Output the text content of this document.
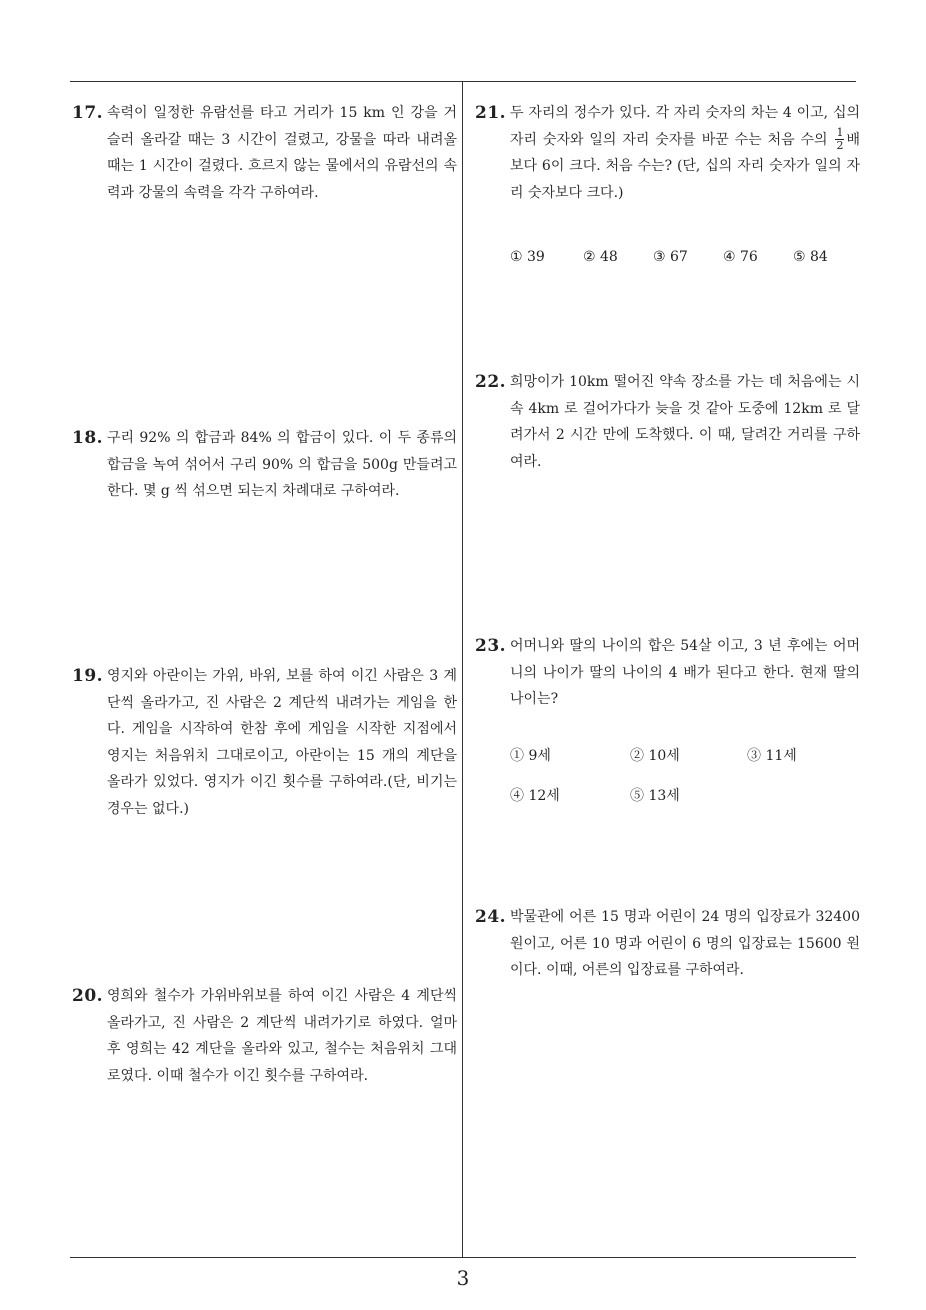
17. 속력이 일정한 유람선를 타고 거리가 15 km 인 강을 거슬러 올라갈 때는 3 시간이 걸렸고, 강물을 따라 내려올 때는 1 시간이 걸렸다. 흐르지 않는 물에서의 유람선의 속력과 강물의 속력을 각각 구하여라.
18. 구리 92% 의 합금과 84% 의 합금이 있다. 이 두 종류의 합금을 녹여 섞어서 구리 90% 의 합금을 500g 만들려고 한다. 몇 g 씩 섞으면 되는지 차례대로 구하여라.
19. 영지와 아란이는 가위, 바위, 보를 하여 이긴 사람은 3 계단씩 올라가고, 진 사람은 2 계단씩 내려가는 게임을 한다. 게임을 시작하여 한참 후에 게임을 시작한 지점에서 영지는 처음위치 그대로이고, 아란이는 15 개의 계단을 올라가 있었다. 영지가 이긴 횟수를 구하여라.(단, 비기는 경우는 없다.)
20. 영희와 철수가 가위바위보를 하여 이긴 사람은 4 계단씩 올라가고, 진 사람은 2 계단씩 내려가기로 하였다. 얼마 후 영희는 42 계단을 올라와 있고, 철수는 처음위치 그대로였다. 이때 철수가 이긴 횟수를 구하여라.
21. 두 자리의 정수가 있다. 각 자리 숫자의 차는 4 이고, 십의 자리 숫자와 일의 자리 숫자를 바꾼 수는 처음 수의 $\frac{1}{2}$ 배보다 6이 크다. 처음 수는? (단, 십의 자리 숫자가 일의 자리 숫자보다 크다.)
① 39	② 48	③ 67	④ 76	⑤ 84
22. 희망이가 10km 떨어진 약속 장소를 가는 데 처음에는 시속 4km 로 걸어가다가 늦을 것 같아 도중에 12km 로 달려가서 2 시간 만에 도착했다. 이 때, 달려간 거리를 구하여라.
23. 어머니와 딸의 나이의 합은 54살 이고, 3 년 후에는 어머니의 나이가 딸의 나이의 4 배가 된다고 한다. 현재 딸의 나이는?
① 9세	② 10세	③ 11세
④ 12세	⑤ 13세
24. 박물관에 어른 15 명과 어린이 24 명의 입장료가 32400 원이고, 어른 10 명과 어린이 6 명의 입장료는 15600 원이다. 이때, 어른의 입장료를 구하여라.
3
